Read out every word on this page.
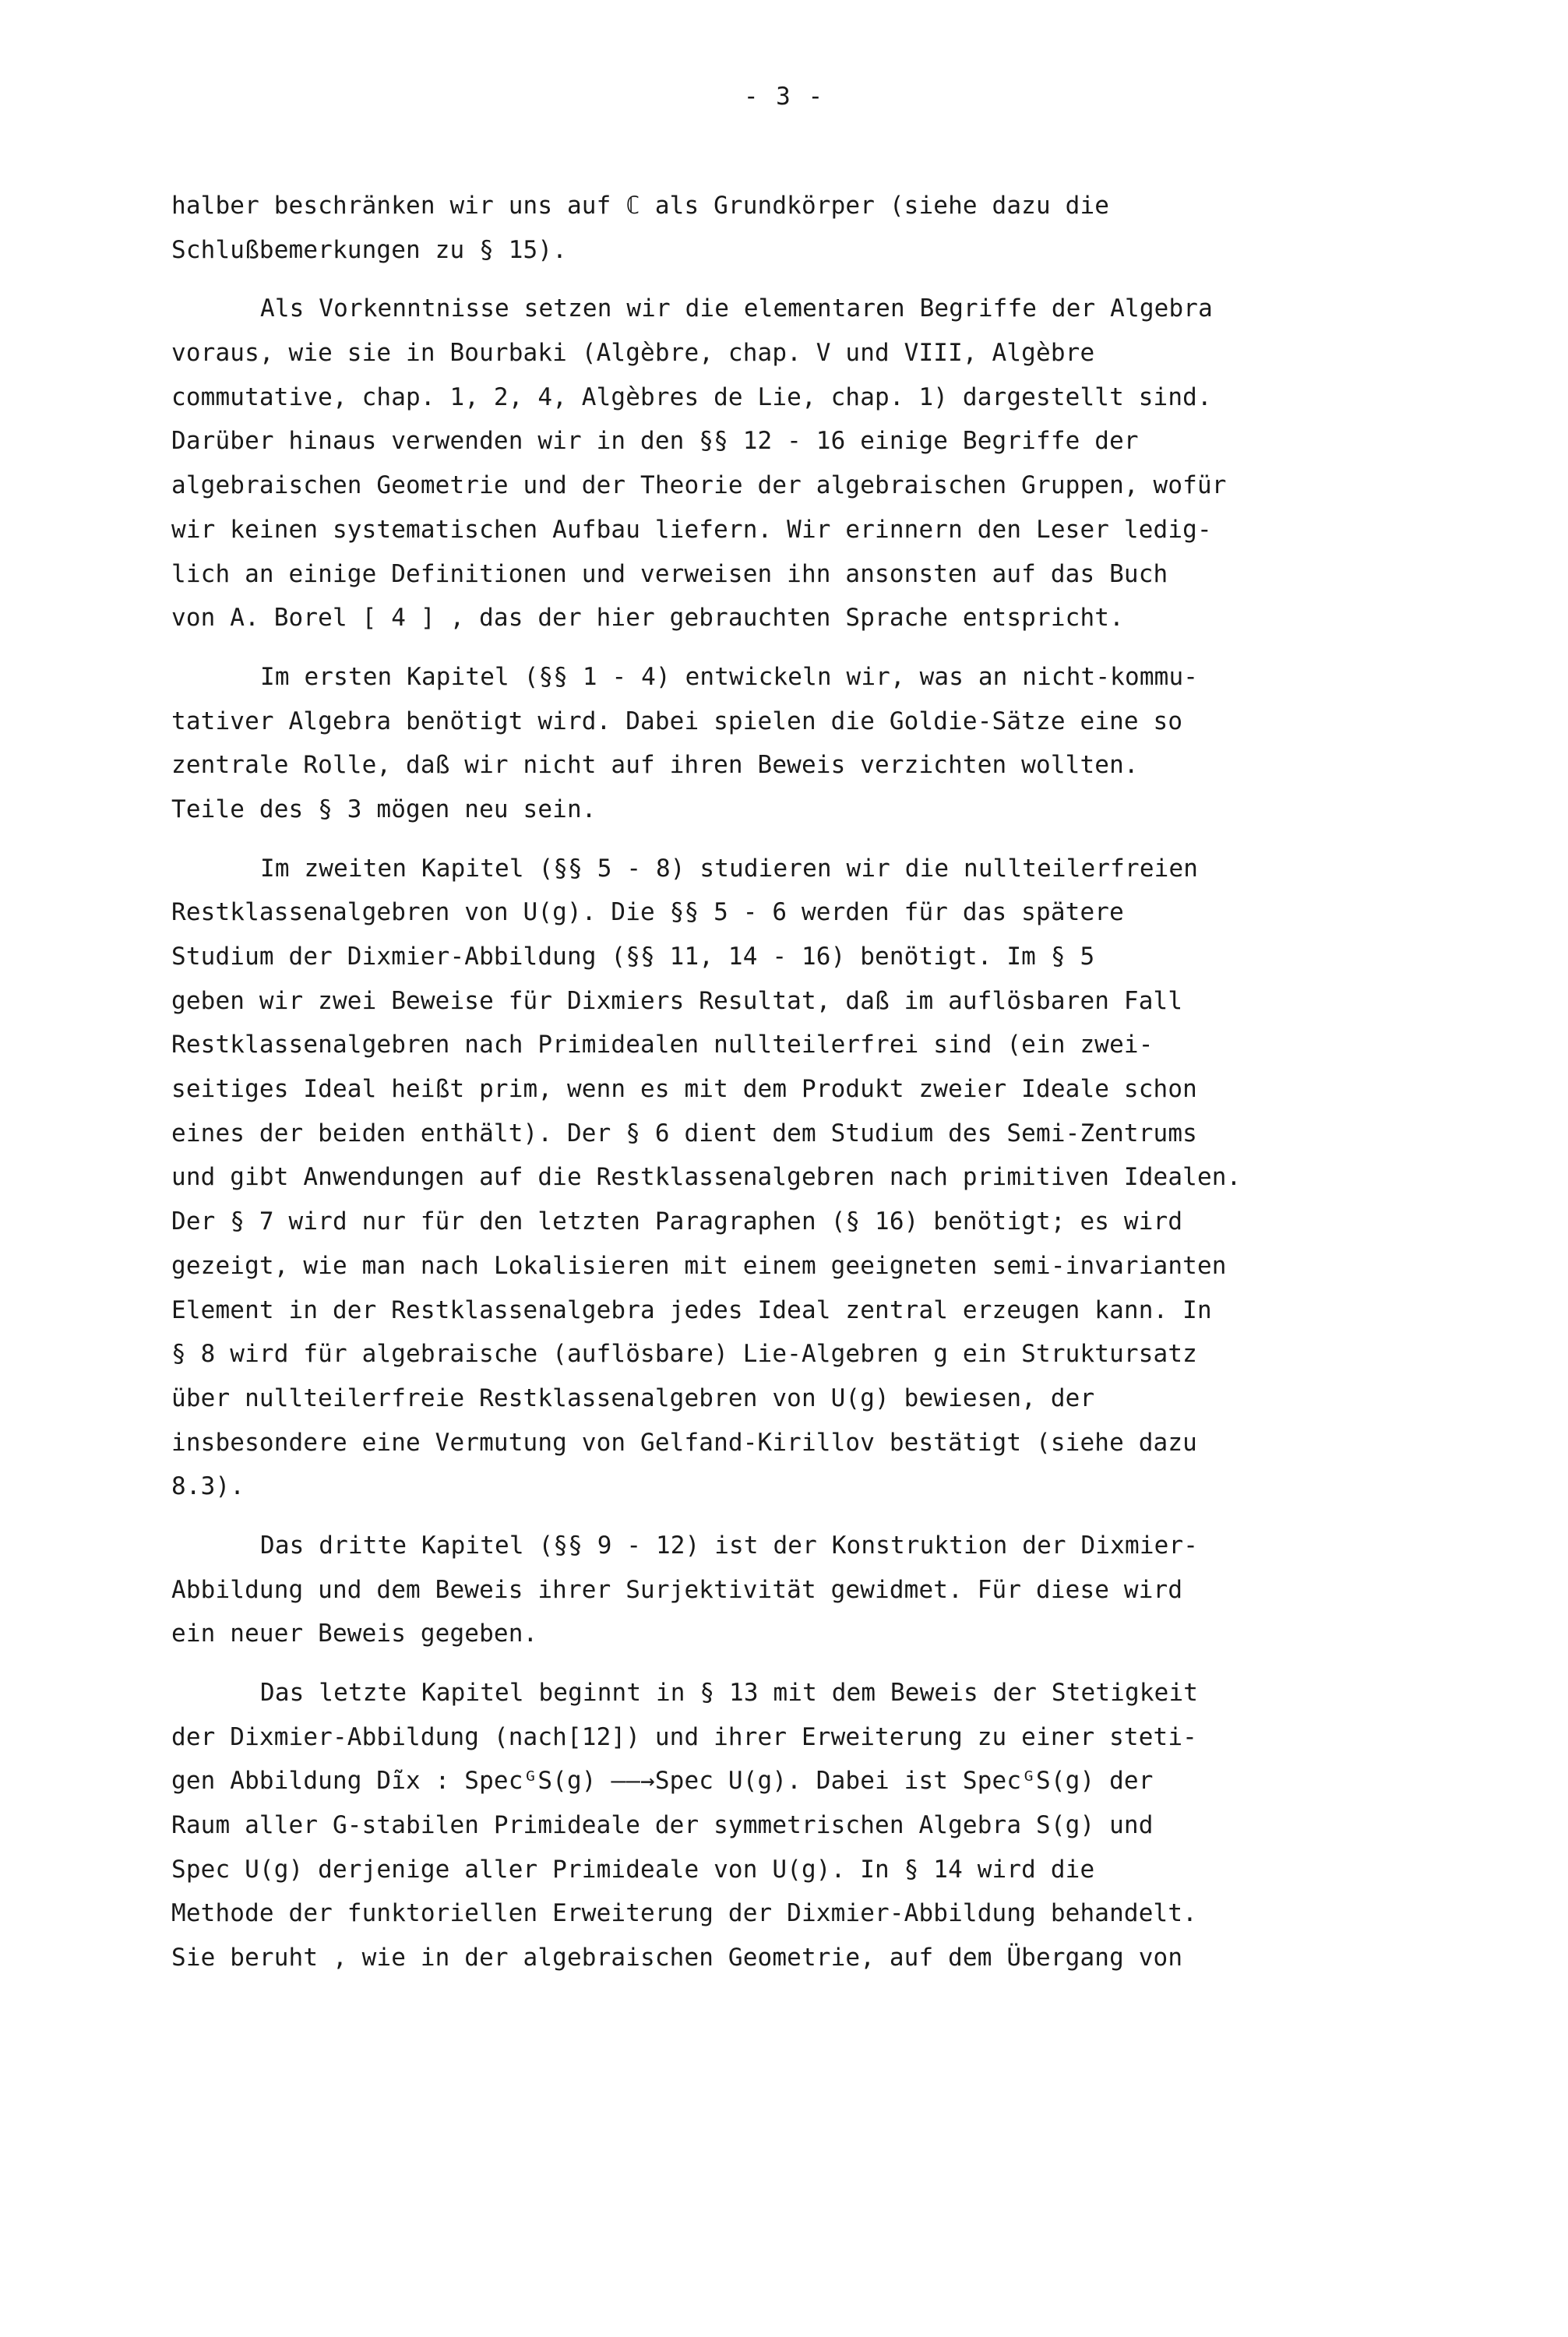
- 3 -
halber beschränken wir uns auf ℂ als Grundkörper (siehe dazu die
Schlußbemerkungen zu § 15).
Als Vorkenntnisse setzen wir die elementaren Begriffe der Algebra
voraus, wie sie in Bourbaki (Algèbre, chap. V und VIII, Algèbre
commutative, chap. 1, 2, 4, Algèbres de Lie, chap. 1) dargestellt sind.
Darüber hinaus verwenden wir in den §§ 12 - 16 einige Begriffe der
algebraischen Geometrie und der Theorie der algebraischen Gruppen, wofür
wir keinen systematischen Aufbau liefern. Wir erinnern den Leser ledig-
lich an einige Definitionen und verweisen ihn ansonsten auf das Buch
von A. Borel [ 4 ] , das der hier gebrauchten Sprache entspricht.
Im ersten Kapitel (§§ 1 - 4) entwickeln wir, was an nicht-kommu-
tativer Algebra benötigt wird. Dabei spielen die Goldie-Sätze eine so
zentrale Rolle, daß wir nicht auf ihren Beweis verzichten wollten.
Teile des § 3 mögen neu sein.
Im zweiten Kapitel (§§ 5 - 8) studieren wir die nullteilerfreien
Restklassenalgebren von U(g). Die §§ 5 - 6 werden für das spätere
Studium der Dixmier-Abbildung (§§ 11, 14 - 16) benötigt. Im § 5
geben wir zwei Beweise für Dixmiers Resultat, daß im auflösbaren Fall
Restklassenalgebren nach Primidealen nullteilerfrei sind (ein zwei-
seitiges Ideal heißt prim, wenn es mit dem Produkt zweier Ideale schon
eines der beiden enthält). Der § 6 dient dem Studium des Semi-Zentrums
und gibt Anwendungen auf die Restklassenalgebren nach primitiven Idealen.
Der § 7 wird nur für den letzten Paragraphen (§ 16) benötigt; es wird
gezeigt, wie man nach Lokalisieren mit einem geeigneten semi-invarianten
Element in der Restklassenalgebra jedes Ideal zentral erzeugen kann. In
§ 8 wird für algebraische (auflösbare) Lie-Algebren g ein Struktursatz
über nullteilerfreie Restklassenalgebren von U(g) bewiesen, der
insbesondere eine Vermutung von Gelfand-Kirillov bestätigt (siehe dazu
8.3).
Das dritte Kapitel (§§ 9 - 12) ist der Konstruktion der Dixmier-
Abbildung und dem Beweis ihrer Surjektivität gewidmet. Für diese wird
ein neuer Beweis gegeben.
Das letzte Kapitel beginnt in § 13 mit dem Beweis der Stetigkeit
der Dixmier-Abbildung (nach[12]) und ihrer Erweiterung zu einer steti-
gen Abbildung Dĩx : SpecᴳS(g) ——→Spec U(g). Dabei ist SpecᴳS(g) der
Raum aller G-stabilen Primideale der symmetrischen Algebra S(g) und
Spec U(g) derjenige aller Primideale von U(g). In § 14 wird die
Methode der funktoriellen Erweiterung der Dixmier-Abbildung behandelt.
Sie beruht , wie in der algebraischen Geometrie, auf dem Übergang von
